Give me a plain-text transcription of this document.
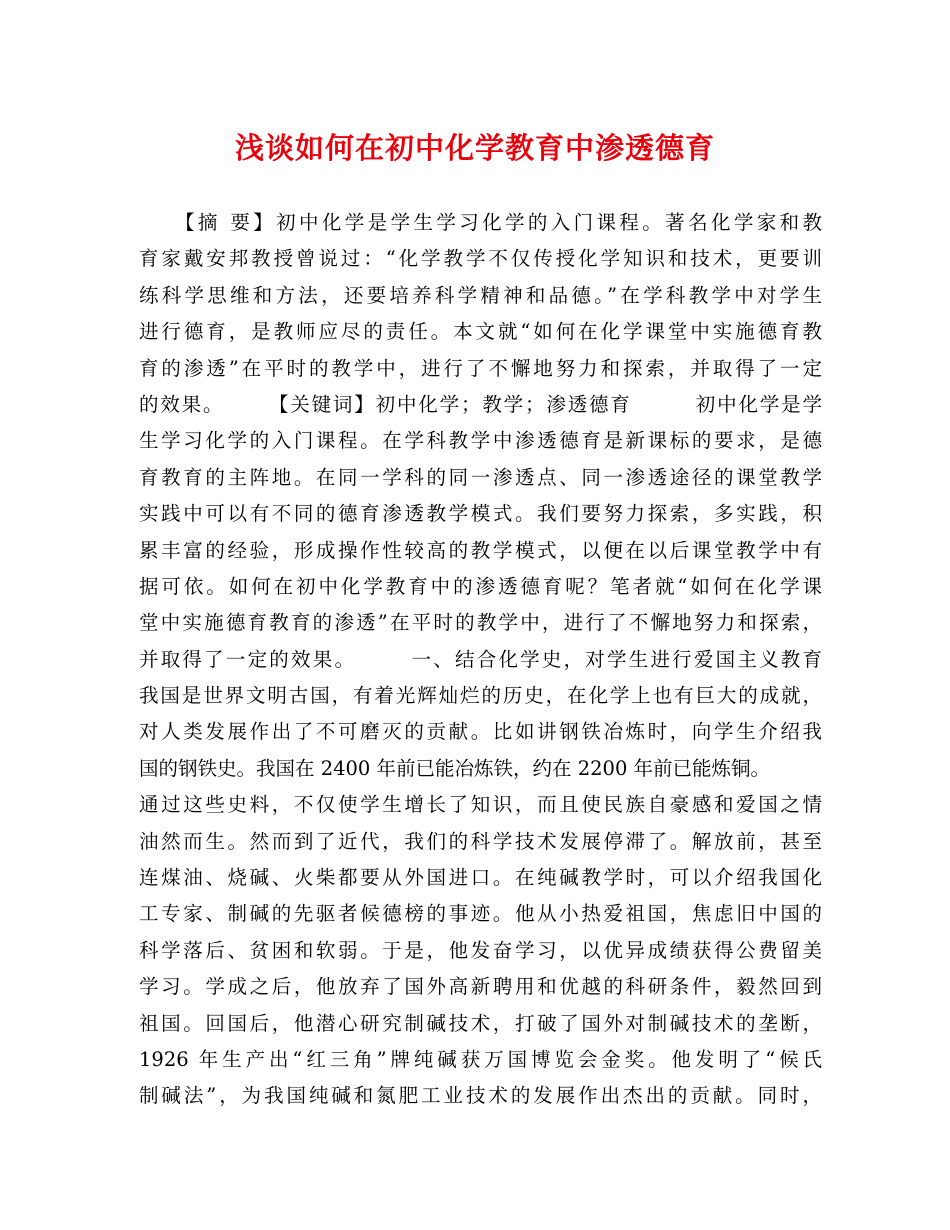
浅谈如何在初中化学教育中渗透德育
　　【摘 要】初中化学是学生学习化学的入门课程。著名化学家和教
育家戴安邦教授曾说过：“化学教学不仅传授化学知识和技术，更要训
练科学思维和方法，还要培养科学精神和品德。”在学科教学中对学生
进行德育，是教师应尽的责任。本文就“如何在化学课堂中实施德育教
育的渗透”在平时的教学中，进行了不懈地努力和探索，并取得了一定
的效果。　　　【关键词】初中化学；教学；渗透德育　　　初中化学是学
生学习化学的入门课程。在学科教学中渗透德育是新课标的要求，是德
育教育的主阵地。在同一学科的同一渗透点、同一渗透途径的课堂教学
实践中可以有不同的德育渗透教学模式。我们要努力探索，多实践，积
累丰富的经验，形成操作性较高的教学模式，以便在以后课堂教学中有
据可依。如何在初中化学教育中的渗透德育呢？笔者就“如何在化学课
堂中实施德育教育的渗透”在平时的教学中，进行了不懈地努力和探索，
并取得了一定的效果。　　　一、结合化学史，对学生进行爱国主义教育
我国是世界文明古国，有着光辉灿烂的历史，在化学上也有巨大的成就，
对人类发展作出了不可磨灭的贡献。比如讲钢铁冶炼时，向学生介绍我
国的钢铁史。我国在 2400 年前已能冶炼铁，约在 2200 年前已能炼铜。
通过这些史料，不仅使学生增长了知识，而且使民族自豪感和爱国之情
油然而生。然而到了近代，我们的科学技术发展停滞了。解放前，甚至
连煤油、烧碱、火柴都要从外国进口。在纯碱教学时，可以介绍我国化
工专家、制碱的先驱者候德榜的事迹。他从小热爱祖国，焦虑旧中国的
科学落后、贫困和软弱。于是，他发奋学习，以优异成绩获得公费留美
学习。学成之后，他放弃了国外高新聘用和优越的科研条件，毅然回到
祖国。回国后，他潜心研究制碱技术，打破了国外对制碱技术的垄断，
1926 年生产出“红三角”牌纯碱获万国博览会金奖。他发明了“候氏
制碱法”，为我国纯碱和氮肥工业技术的发展作出杰出的贡献。同时，
